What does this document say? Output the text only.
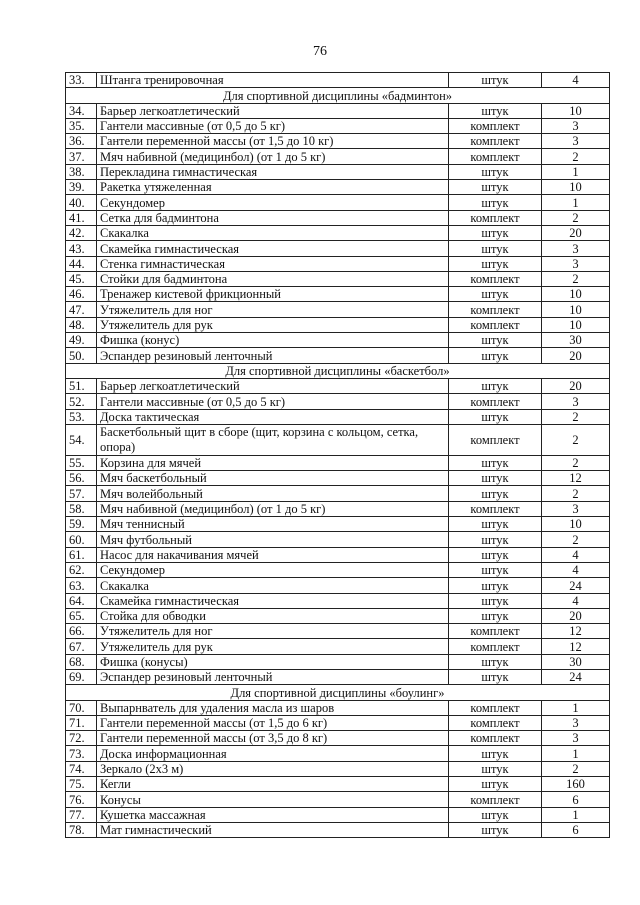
76
33.	Штанга тренировочная	штук	4
Для спортивной дисциплины «бадминтон»			
34.	Барьер легкоатлетический	штук	10
35.	Гантели массивные (от 0,5 до 5 кг)	комплект	3
36.	Гантели переменной массы (от 1,5 до 10 кг)	комплект	3
37.	Мяч набивной (медицинбол) (от 1 до 5 кг)	комплект	2
38.	Перекладина гимнастическая	штук	1
39.	Ракетка утяжеленная	штук	10
40.	Секундомер	штук	1
41.	Сетка для бадминтона	комплект	2
42.	Скакалка	штук	20
43.	Скамейка гимнастическая	штук	3
44.	Стенка гимнастическая	штук	3
45.	Стойки для бадминтона	комплект	2
46.	Тренажер кистевой фрикционный	штук	10
47.	Утяжелитель для ног	комплект	10
48.	Утяжелитель для рук	комплект	10
49.	Фишка (конус)	штук	30
50.	Эспандер резиновый ленточный	штук	20
Для спортивной дисциплины «баскетбол»			
51.	Барьер легкоатлетический	штук	20
52.	Гантели массивные (от 0,5 до 5 кг)	комплект	3
53.	Доска тактическая	штук	2
54.	Баскетбольный щит в сборе (щит, корзина с кольцом, сетка, опора)	комплект	2
55.	Корзина для мячей	штук	2
56.	Мяч баскетбольный	штук	12
57.	Мяч волейбольный	штук	2
58.	Мяч набивной (медицинбол) (от 1 до 5 кг)	комплект	3
59.	Мяч теннисный	штук	10
60.	Мяч футбольный	штук	2
61.	Насос для накачивания мячей	штук	4
62.	Секундомер	штук	4
63.	Скакалка	штук	24
64.	Скамейка гимнастическая	штук	4
65.	Стойка для обводки	штук	20
66.	Утяжелитель для ног	комплект	12
67.	Утяжелитель для рук	комплект	12
68.	Фишка (конусы)	штук	30
69.	Эспандер резиновый ленточный	штук	24
Для спортивной дисциплины «боулинг»			
70.	Выпарнватель для удаления масла из шаров	комплект	1
71.	Гантели переменной массы (от 1,5 до 6 кг)	комплект	3
72.	Гантели переменной массы (от 3,5 до 8 кг)	комплект	3
73.	Доска информационная	штук	1
74.	Зеркало (2х3 м)	штук	2
75.	Кегли	штук	160
76.	Конусы	комплект	6
77.	Кушетка массажная	штук	1
78.	Мат гимнастический	штук	6
